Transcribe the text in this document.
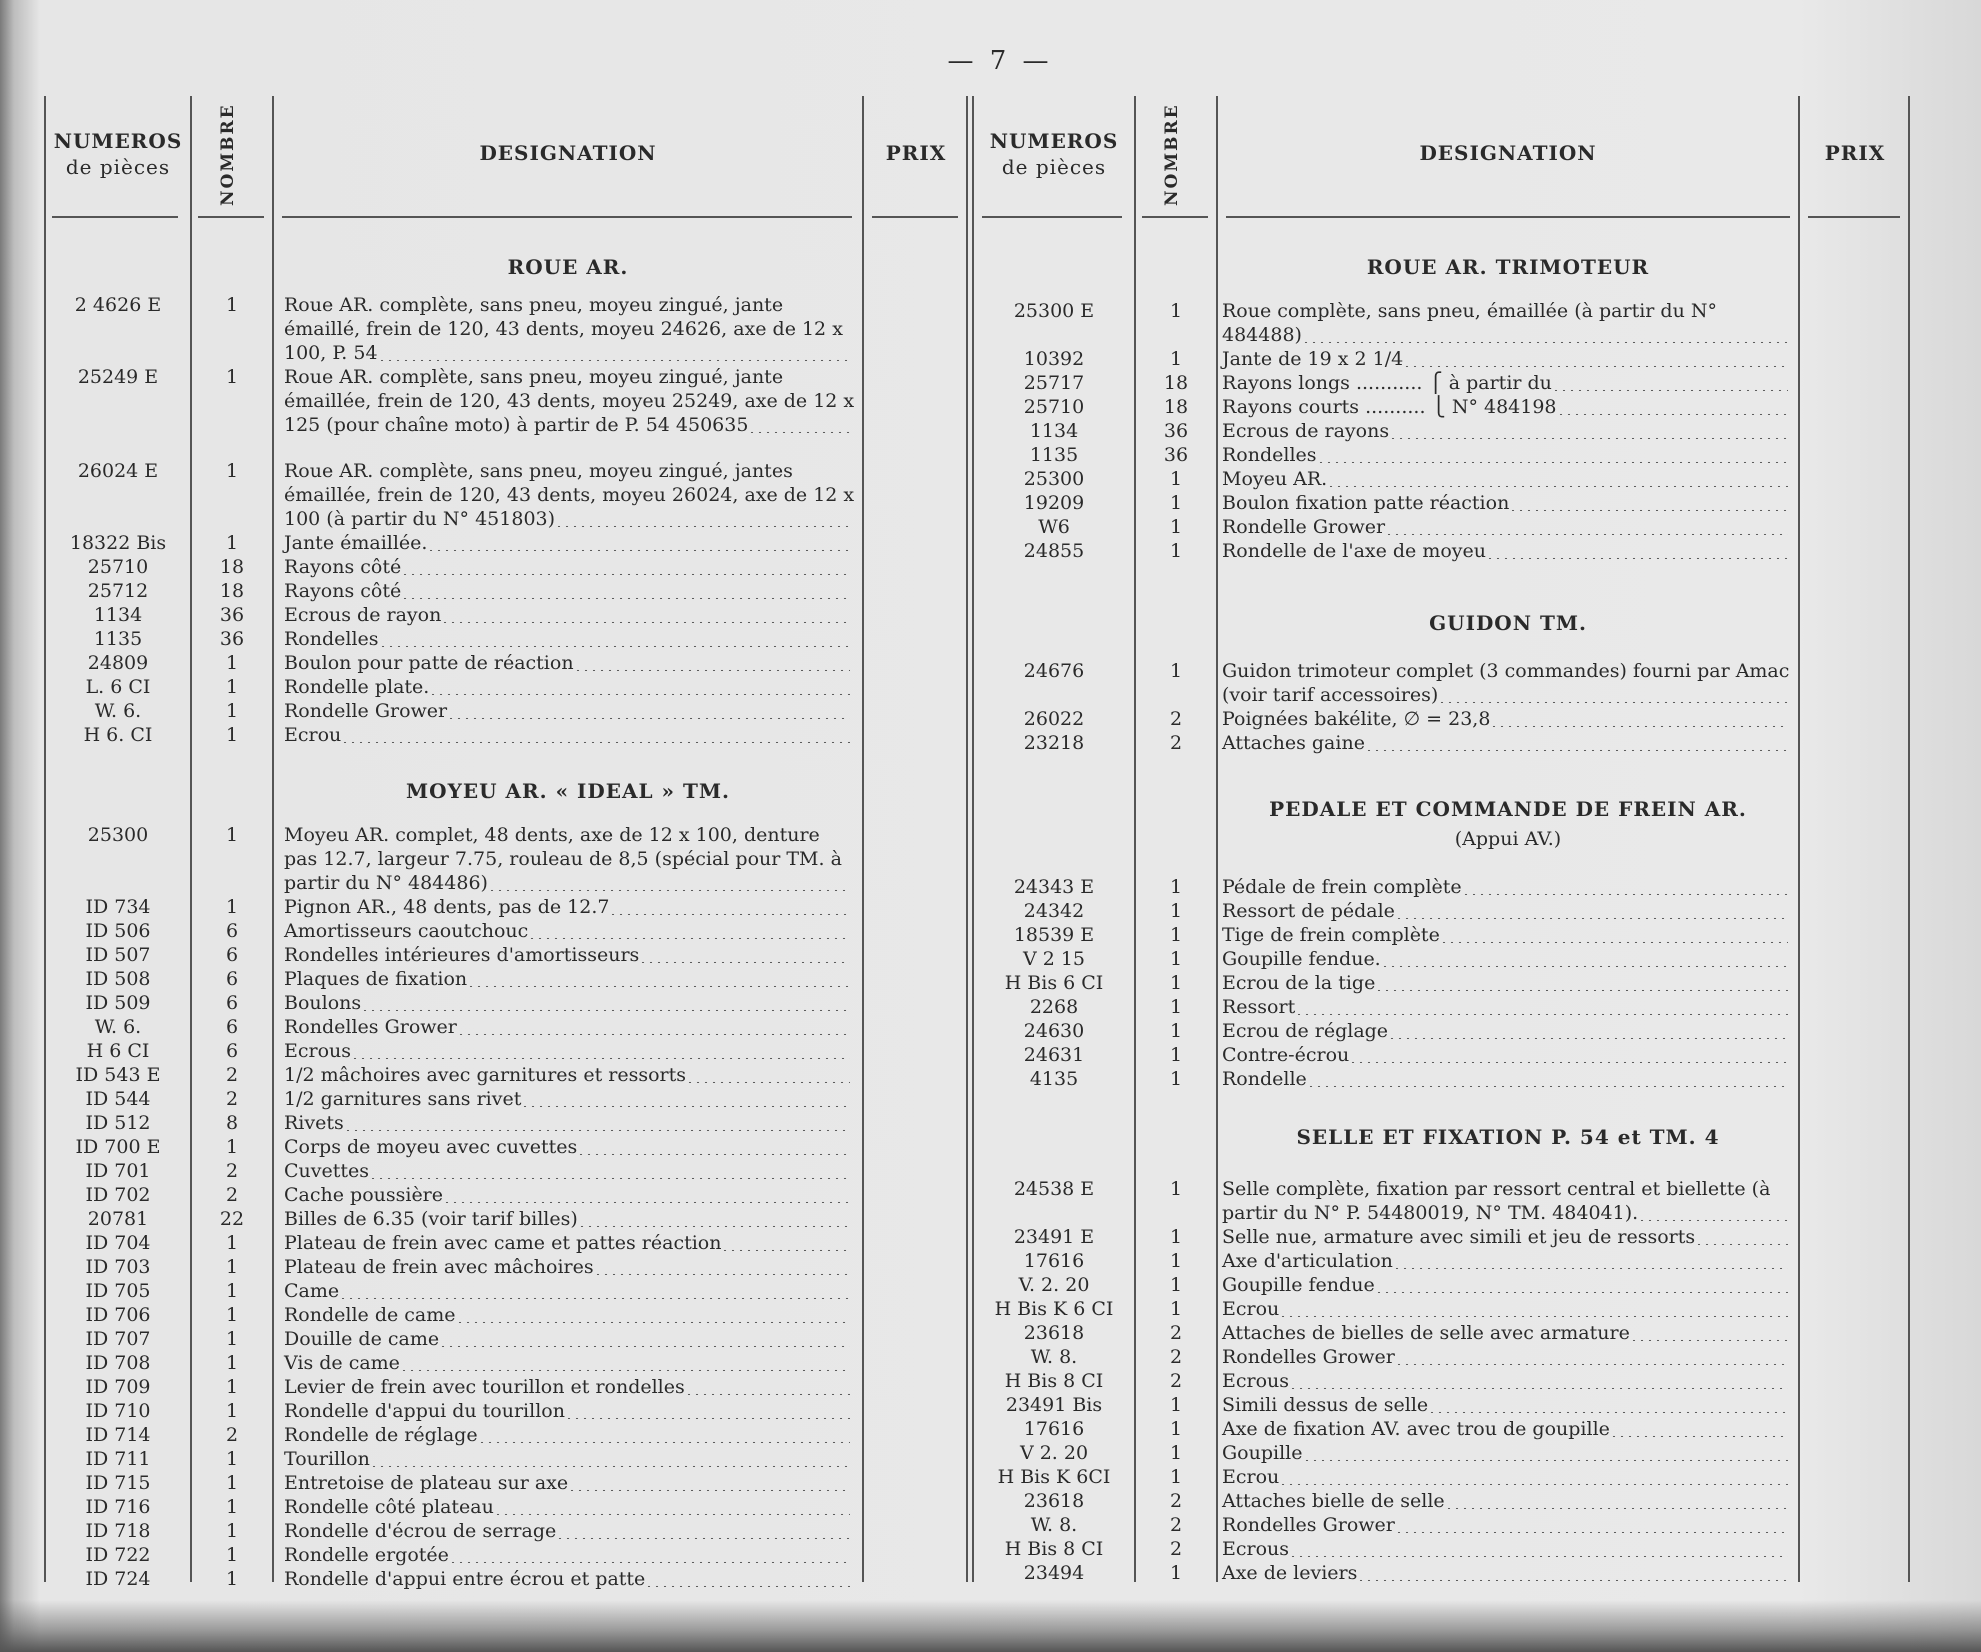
— 7 —
NUMEROS
de pièces	NOMBRE	DESIGNATION	PRIX	NUMEROS
de pièces	NOMBRE	DESIGNATION	PRIX
ROUE AR.
2 4626 E	1	Roue AR. complète, sans pneu, moyeu zingué, jante émaillé, frein de 120, 43 dents, moyeu 24626, axe de 12 x 100, P. 54
25249 E	1	Roue AR. complète, sans pneu, moyeu zingué, jante émaillée, frein de 120, 43 dents, moyeu 25249, axe de 12 x 125 (pour chaîne moto) à partir de P. 54 450635
26024 E	1	Roue AR. complète, sans pneu, moyeu zingué, jantes émaillée, frein de 120, 43 dents, moyeu 26024, axe de 12 x 100 (à partir du N° 451803)
18322 Bis	1	Jante émaillée.
25710	18	Rayons côté
25712	18	Rayons côté
1134	36	Ecrous de rayon
1135	36	Rondelles
24809	1	Boulon pour patte de réaction
L. 6 CI	1	Rondelle plate.
W. 6.	1	Rondelle Grower
H 6. CI	1	Ecrou
MOYEU AR. « IDEAL » TM.
25300	1	Moyeu AR. complet, 48 dents, axe de 12 x 100, denture pas 12.7, largeur 7.75, rouleau de 8,5 (spécial pour TM. à partir du N° 484486)
ID 734	1	Pignon AR., 48 dents, pas de 12.7
ID 506	6	Amortisseurs caoutchouc
ID 507	6	Rondelles intérieures d'amortisseurs
ID 508	6	Plaques de fixation
ID 509	6	Boulons
W. 6.	6	Rondelles Grower
H 6 CI	6	Ecrous
ID 543 E	2	1/2 mâchoires avec garnitures et ressorts
ID 544	2	1/2 garnitures sans rivet
ID 512	8	Rivets
ID 700 E	1	Corps de moyeu avec cuvettes
ID 701	2	Cuvettes
ID 702	2	Cache poussière
20781	22	Billes de 6.35 (voir tarif billes)
ID 704	1	Plateau de frein avec came et pattes réaction
ID 703	1	Plateau de frein avec mâchoires
ID 705	1	Came
ID 706	1	Rondelle de came
ID 707	1	Douille de came
ID 708	1	Vis de came
ID 709	1	Levier de frein avec tourillon et rondelles
ID 710	1	Rondelle d'appui du tourillon
ID 714	2	Rondelle de réglage
ID 711	1	Tourillon
ID 715	1	Entretoise de plateau sur axe
ID 716	1	Rondelle côté plateau
ID 718	1	Rondelle d'écrou de serrage
ID 722	1	Rondelle ergotée
ID 724	1	Rondelle d'appui entre écrou et patte
ROUE AR. TRIMOTEUR
25300 E	1	Roue complète, sans pneu, émaillée (à partir du N° 484488)
10392	1	Jante de 19 x 2 1/4
25717	18	Rayons longs ........... ⎧ à partir du
25710	18	Rayons courts .......... ⎩ N° 484198
1134	36	Ecrous de rayons
1135	36	Rondelles
25300	1	Moyeu AR.
19209	1	Boulon fixation patte réaction
W6	1	Rondelle Grower
24855	1	Rondelle de l'axe de moyeu
GUIDON TM.
24676	1	Guidon trimoteur complet (3 commandes) fourni par Amac (voir tarif accessoires)
26022	2	Poignées bakélite, ∅ = 23,8
23218	2	Attaches gaine
PEDALE ET COMMANDE DE FREIN AR.
(Appui AV.)
24343 E	1	Pédale de frein complète
24342	1	Ressort de pédale
18539 E	1	Tige de frein complète
V 2 15	1	Goupille fendue.
H Bis 6 CI	1	Ecrou de la tige
2268	1	Ressort
24630	1	Ecrou de réglage
24631	1	Contre-écrou
4135	1	Rondelle
SELLE ET FIXATION P. 54 et TM. 4
24538 E	1	Selle complète, fixation par ressort central et biellette (à partir du N° P. 54480019, N° TM. 484041).
23491 E	1	Selle nue, armature avec simili et jeu de ressorts
17616	1	Axe d'articulation
V. 2. 20	1	Goupille fendue
H Bis K 6 CI	1	Ecrou
23618	2	Attaches de bielles de selle avec armature
W. 8.	2	Rondelles Grower
H Bis 8 CI	2	Ecrous
23491 Bis	1	Simili dessus de selle
17616	1	Axe de fixation AV. avec trou de goupille
V 2. 20	1	Goupille
H Bis K 6CI	1	Ecrou
23618	2	Attaches bielle de selle
W. 8.	2	Rondelles Grower
H Bis 8 CI	2	Ecrous
23494	1	Axe de leviers
